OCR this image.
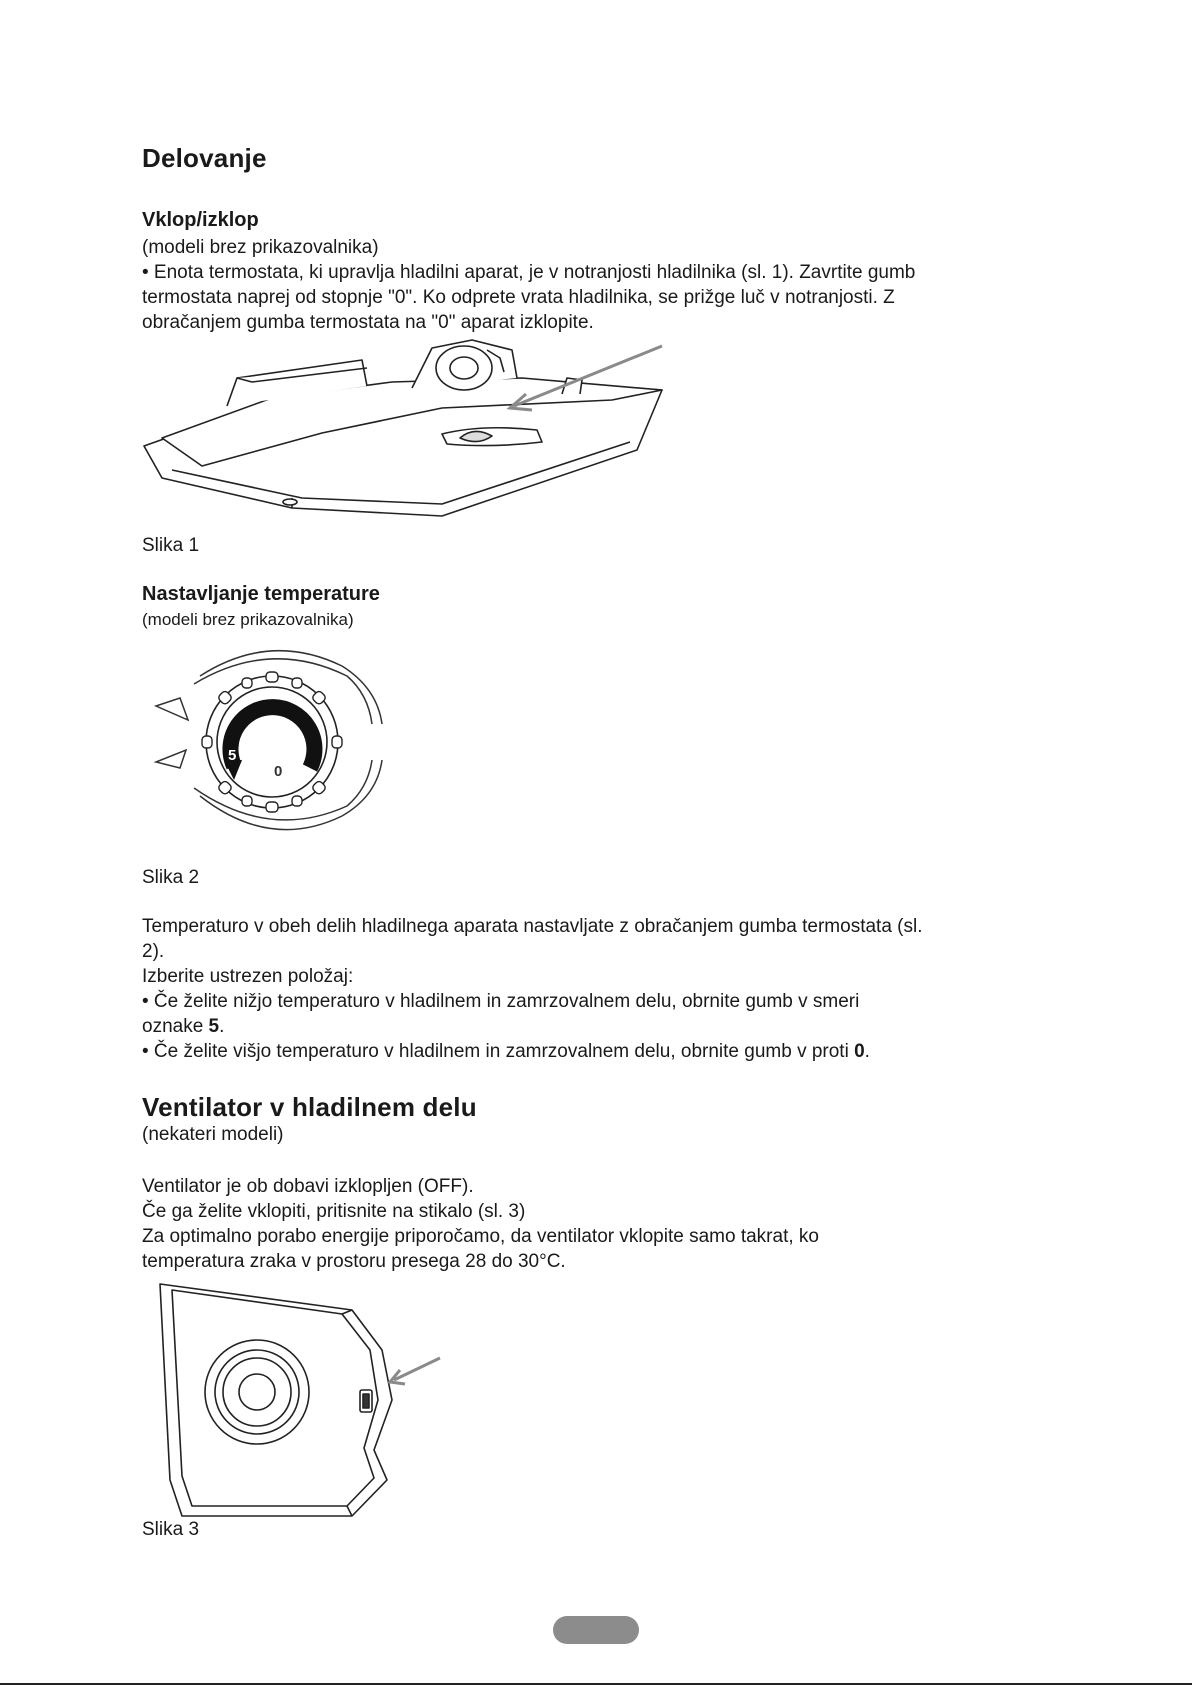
Delovanje
Vklop/izklop
(modeli brez prikazovalnika)
• Enota termostata, ki upravlja hladilni aparat, je v notranjosti hladilnika (sl. 1). Zavrtite gumb
termostata naprej od stopnje "0". Ko odprete vrata hladilnika, se prižge luč v notranjosti. Z
obračanjem gumba termostata na "0" aparat izklopite.
Slika 1
Nastavljanje temperature
(modeli brez prikazovalnika)
5
0
Slika 2
Temperaturo v obeh delih hladilnega aparata nastavljate z obračanjem gumba termostata (sl.
2).
Izberite ustrezen položaj:
• Če želite nižjo temperaturo v hladilnem in zamrzovalnem delu, obrnite gumb v smeri
oznake 5.
• Če želite višjo temperaturo v hladilnem in zamrzovalnem delu, obrnite gumb v proti 0.
Ventilator v hladilnem delu
(nekateri modeli)
Ventilator je ob dobavi izklopljen (OFF).
Če ga želite vklopiti, pritisnite na stikalo (sl. 3)
Za optimalno porabo energije priporočamo, da ventilator vklopite samo takrat, ko
temperatura zraka v prostoru presega 28 do 30°C.
Slika 3
